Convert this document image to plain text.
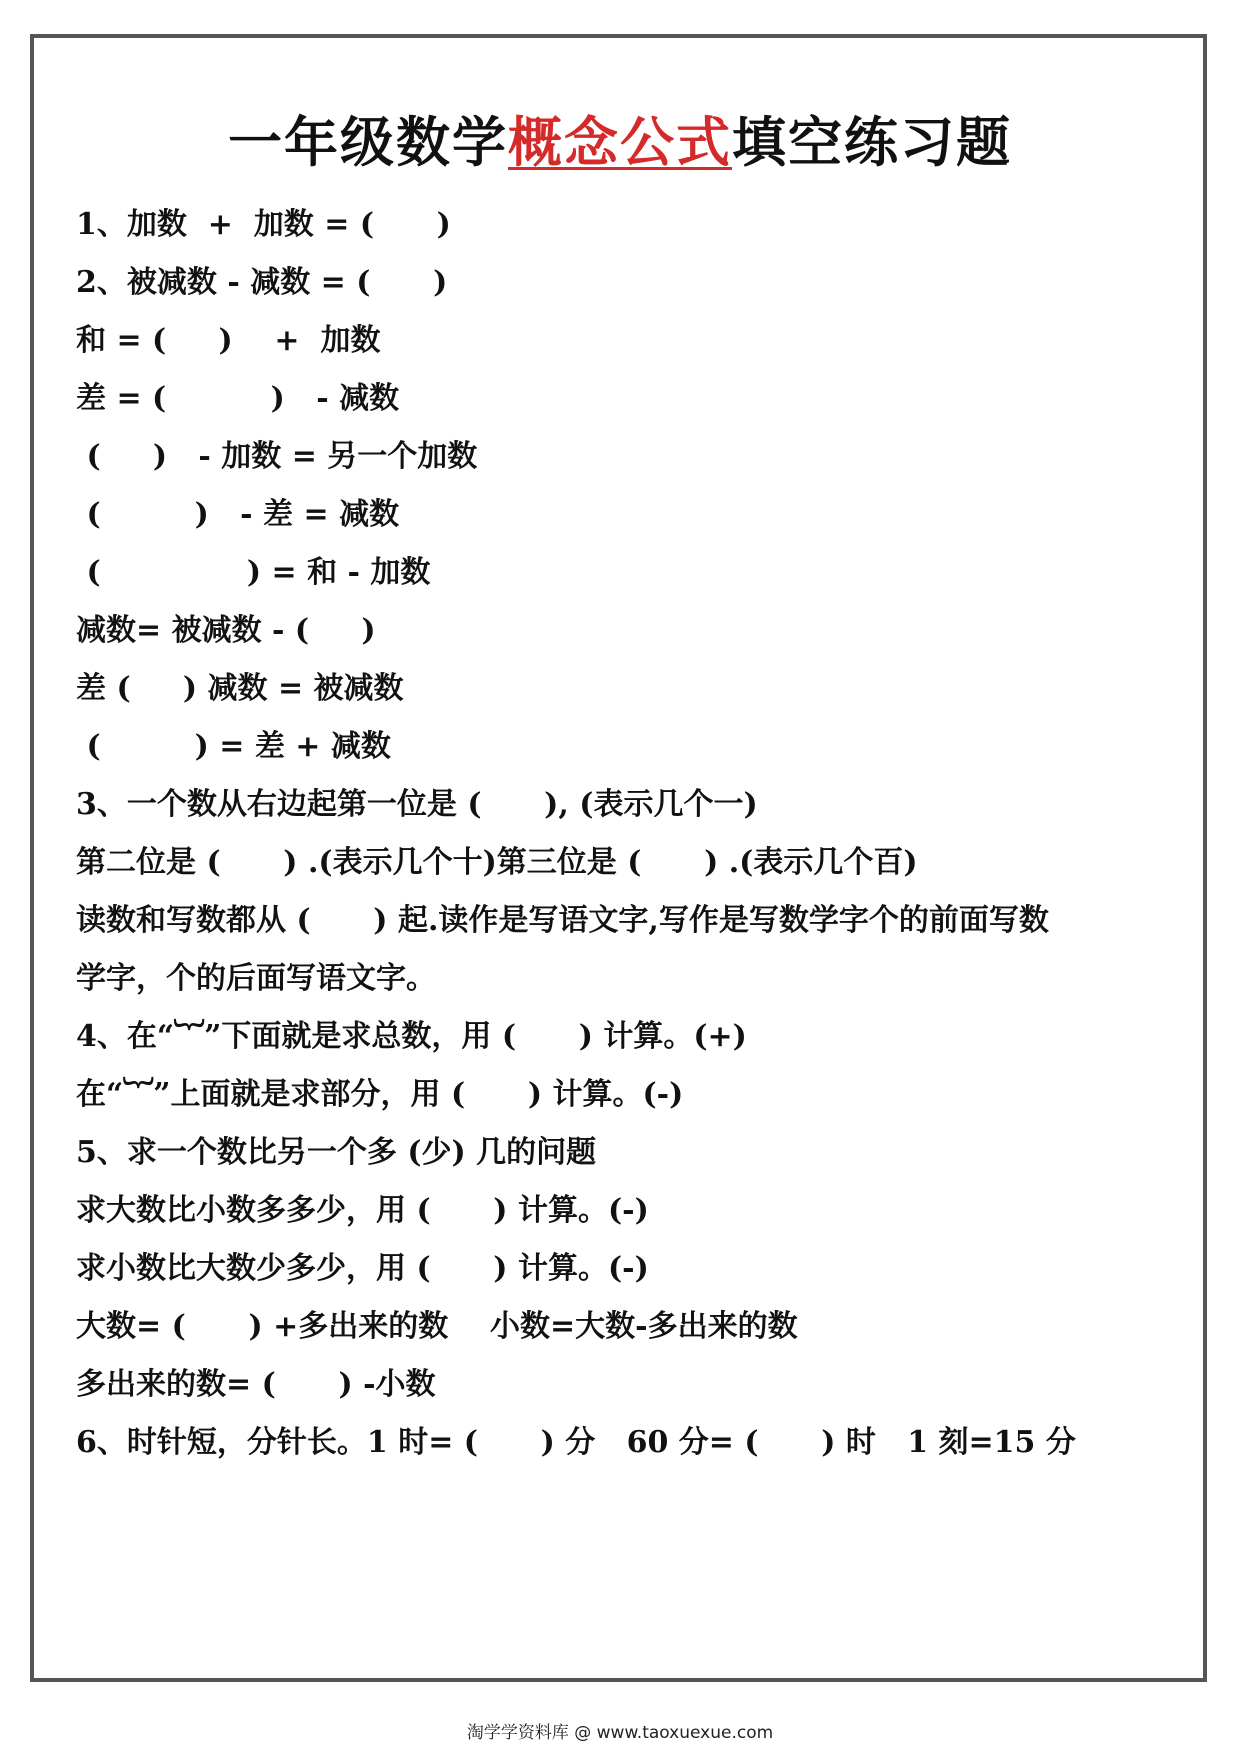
一年级数学概念公式填空练习题
1、加数  +  加数 = (      )
2、被减数 - 减数 = (      )
和 = (     )    +  加数
差 = (          )   - 减数
(     )   - 加数 = 另一个加数
(         )   - 差 = 减数
(              ) = 和 - 加数
减数= 被减数 - (     )
差 (     ) 减数 = 被减数
(         ) = 差 + 减数
3、一个数从右边起第一位是 (      ), (表示几个一)
第二位是 (      ) .(表示几个十)第三位是 (      ) .(表示几个百)
读数和写数都从 (      ) 起.读作是写语文字,写作是写数学字个的前面写数
学字，个的后面写语文字。
4、在“︸”下面就是求总数，用 (      ) 计算。(+)
在“︸”上面就是求部分，用 (      ) 计算。(-)
5、求一个数比另一个多 (少) 几的问题
求大数比小数多多少，用 (      ) 计算。(-)
求小数比大数少多少，用 (      ) 计算。(-)
大数= (      ) +多出来的数    小数=大数-多出来的数
多出来的数= (      ) -小数
6、时针短，分针长。1 时= (      ) 分   60 分= (      ) 时   1 刻=15 分
淘学学资料库 @ www.taoxuexue.com
